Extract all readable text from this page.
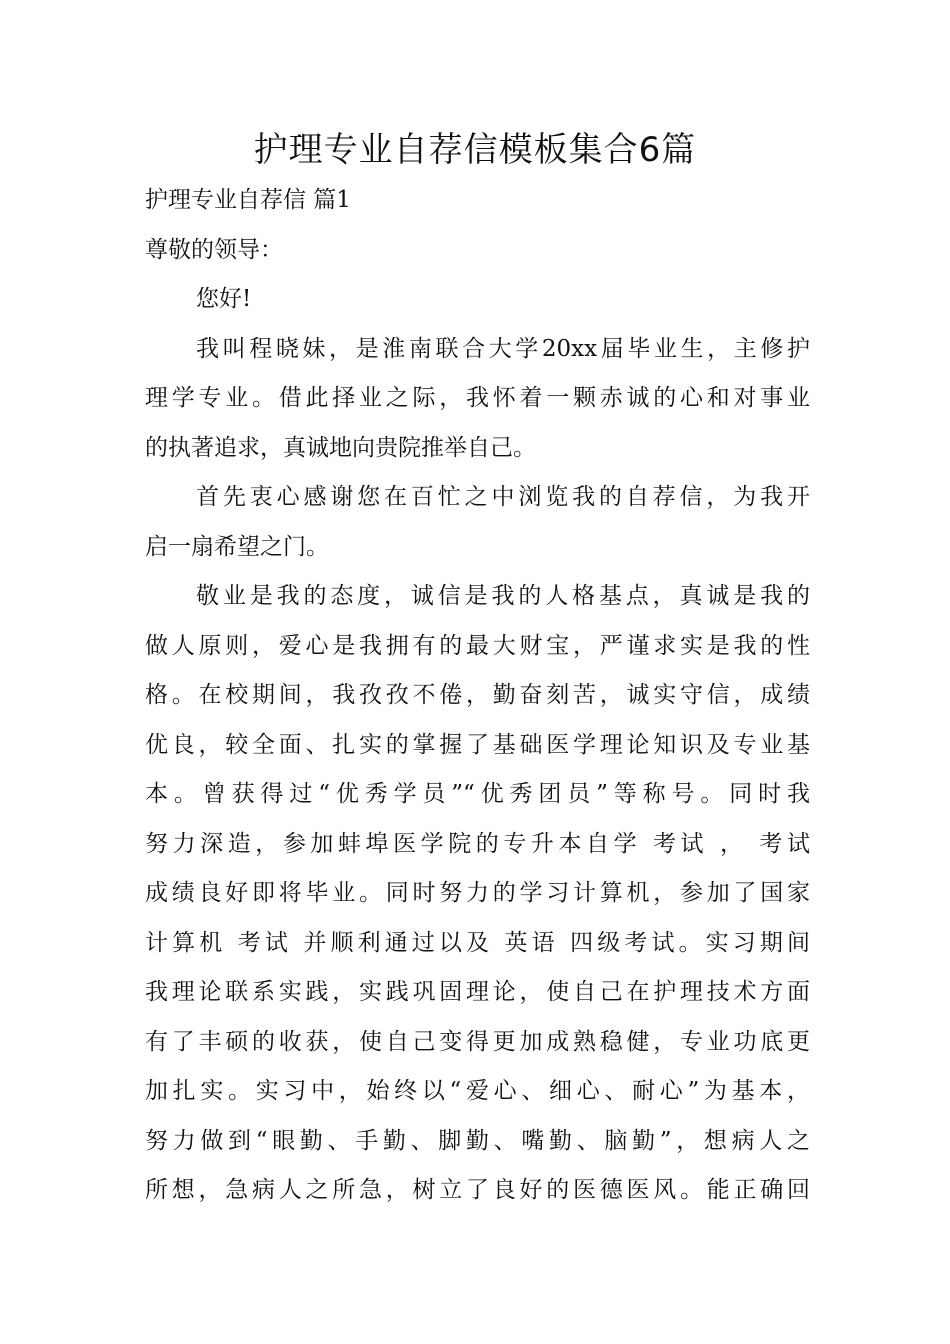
护理专业自荐信模板集合6篇

护理专业自荐信 篇1

尊敬的领导：

您好!

我叫程晓妹，是淮南联合大学20xx届毕业生，主修护

理学专业。借此择业之际，我怀着一颗赤诚的心和对事业

的执著追求，真诚地向贵院推举自己。

首先衷心感谢您在百忙之中浏览我的自荐信，为我开

启一扇希望之门。

敬业是我的态度，诚信是我的人格基点，真诚是我的

做人原则，爱心是我拥有的最大财宝，严谨求实是我的性

格。在校期间，我孜孜不倦，勤奋刻苦，诚实守信，成绩

优良，较全面、扎实的掌握了基础医学理论知识及专业基

本。曾获得过“优秀学员”“优秀团员”等称号。同时我

努力深造，参加蚌埠医学院的专升本自学 考试 ， 考试

成绩良好即将毕业。同时努力的学习计算机，参加了国家

计算机 考试 并顺利通过以及 英语 四级考试。实习期间

我理论联系实践，实践巩固理论，使自己在护理技术方面

有了丰硕的收获，使自己变得更加成熟稳健，专业功底更

加扎实。实习中，始终以“爱心、细心、耐心”为基本，

努力做到“眼勤、手勤、脚勤、嘴勤、脑勤”，想病人之

所想，急病人之所急，树立了良好的医德医风。能正确回
